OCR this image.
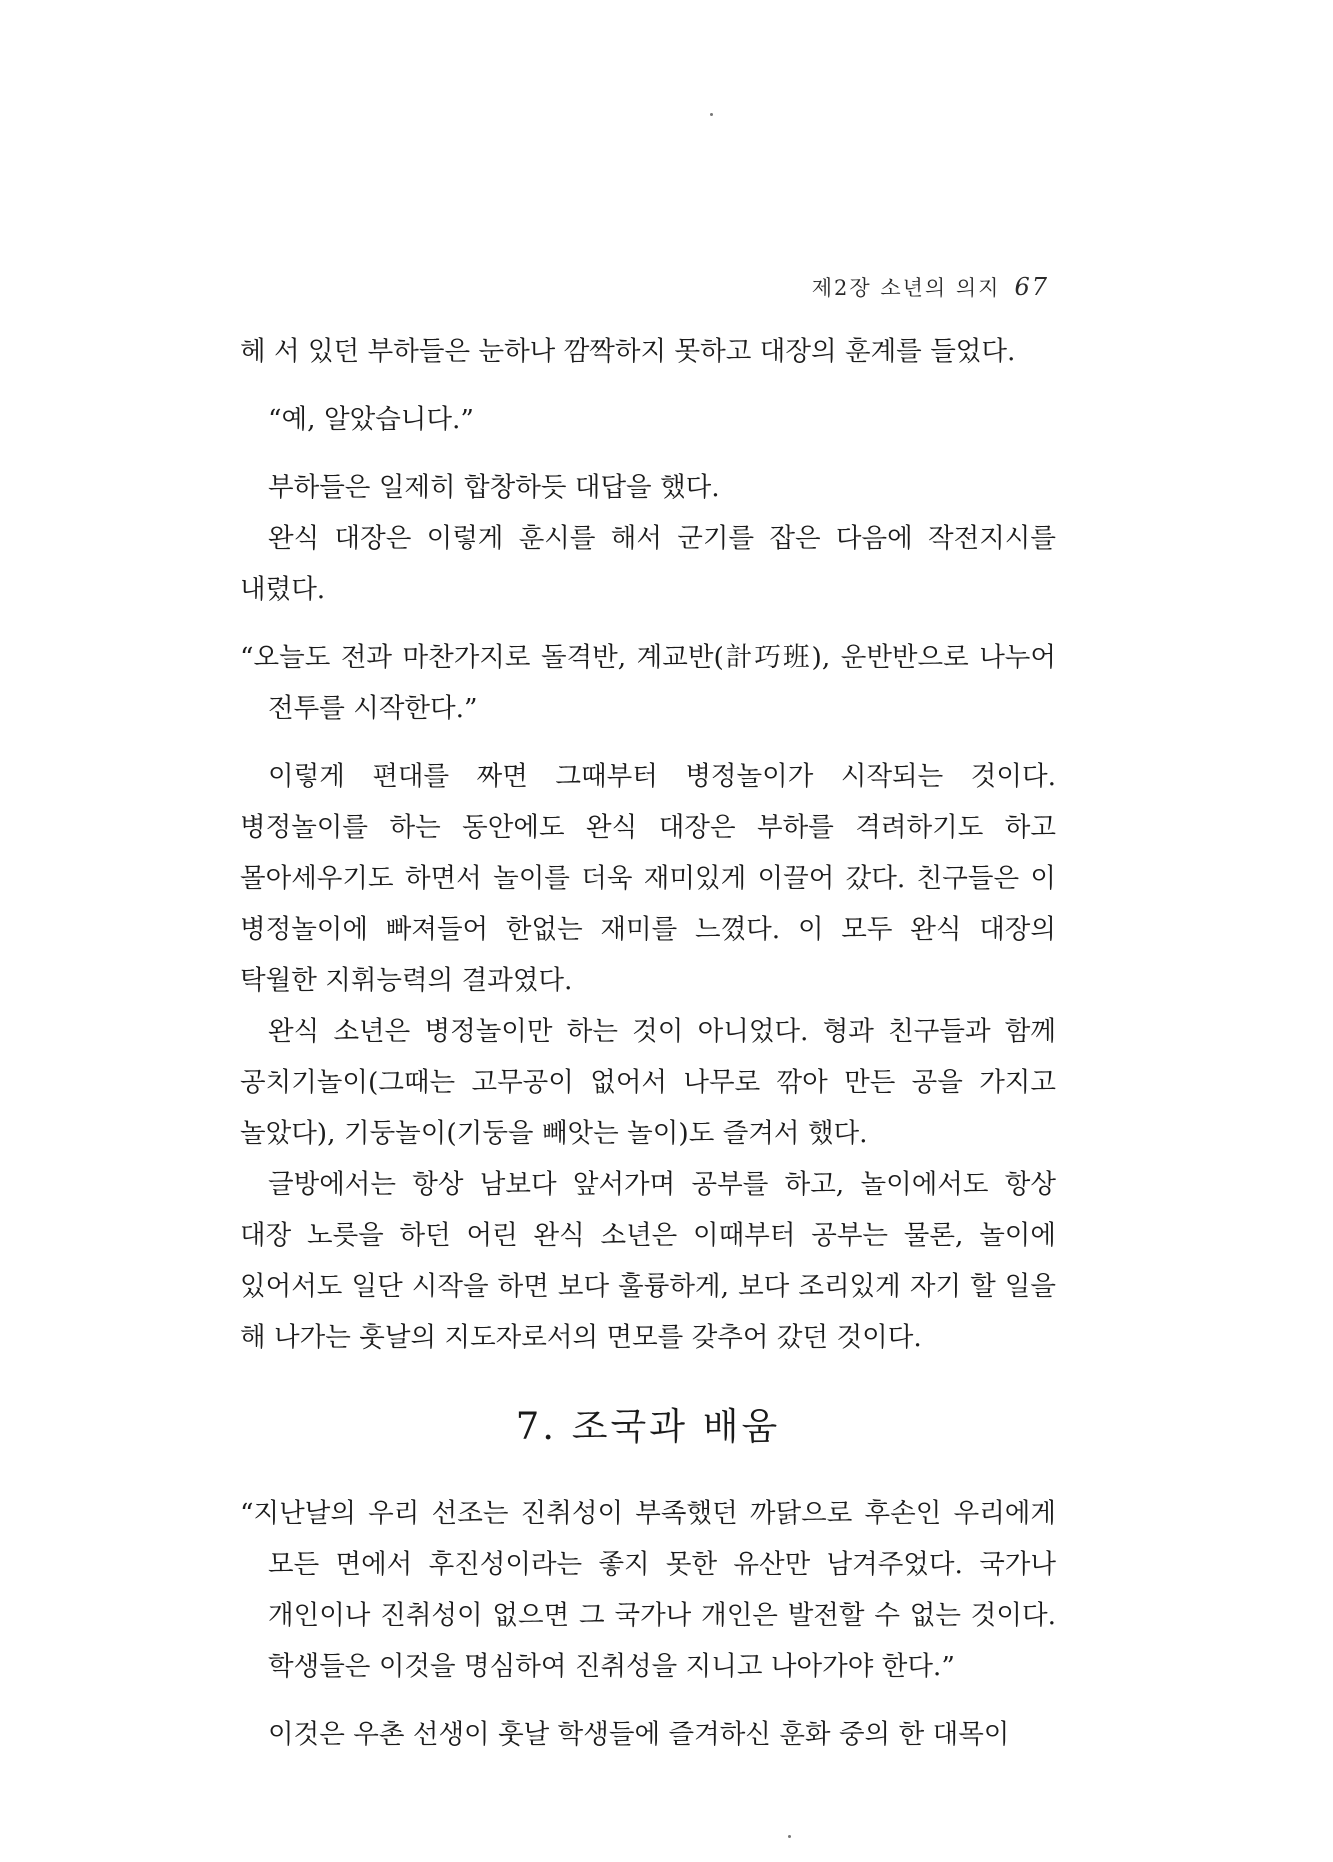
제2장 소년의 의지 67

헤 서 있던 부하들은 눈하나 깜짝하지 못하고 대장의 훈계를 들었다.

“예, 알았습니다.”

부하들은 일제히 합창하듯 대답을 했다.

완식 대장은 이렇게 훈시를 해서 군기를 잡은 다음에 작전지시를 내렸다.

“오늘도 전과 마찬가지로 돌격반, 계교반(計巧班), 운반반으로 나누어 전투를 시작한다.”

이렇게 편대를 짜면 그때부터 병정놀이가 시작되는 것이다. 병정놀이를 하는 동안에도 완식 대장은 부하를 격려하기도 하고 몰아세우기도 하면서 놀이를 더욱 재미있게 이끌어 갔다. 친구들은 이 병정놀이에 빠져들어 한없는 재미를 느꼈다. 이 모두 완식 대장의 탁월한 지휘능력의 결과였다.

완식 소년은 병정놀이만 하는 것이 아니었다. 형과 친구들과 함께 공치기놀이(그때는 고무공이 없어서 나무로 깎아 만든 공을 가지고 놀았다), 기둥놀이(기둥을 빼앗는 놀이)도 즐겨서 했다.

글방에서는 항상 남보다 앞서가며 공부를 하고, 놀이에서도 항상 대장 노릇을 하던 어린 완식 소년은 이때부터 공부는 물론, 놀이에 있어서도 일단 시작을 하면 보다 훌륭하게, 보다 조리있게 자기 할 일을 해 나가는 훗날의 지도자로서의 면모를 갖추어 갔던 것이다.

7. 조국과 배움

“지난날의 우리 선조는 진취성이 부족했던 까닭으로 후손인 우리에게 모든 면에서 후진성이라는 좋지 못한 유산만 남겨주었다. 국가나 개인이나 진취성이 없으면 그 국가나 개인은 발전할 수 없는 것이다. 학생들은 이것을 명심하여 진취성을 지니고 나아가야 한다.”

이것은 우촌 선생이 훗날 학생들에 즐겨하신 훈화 중의 한 대목이
